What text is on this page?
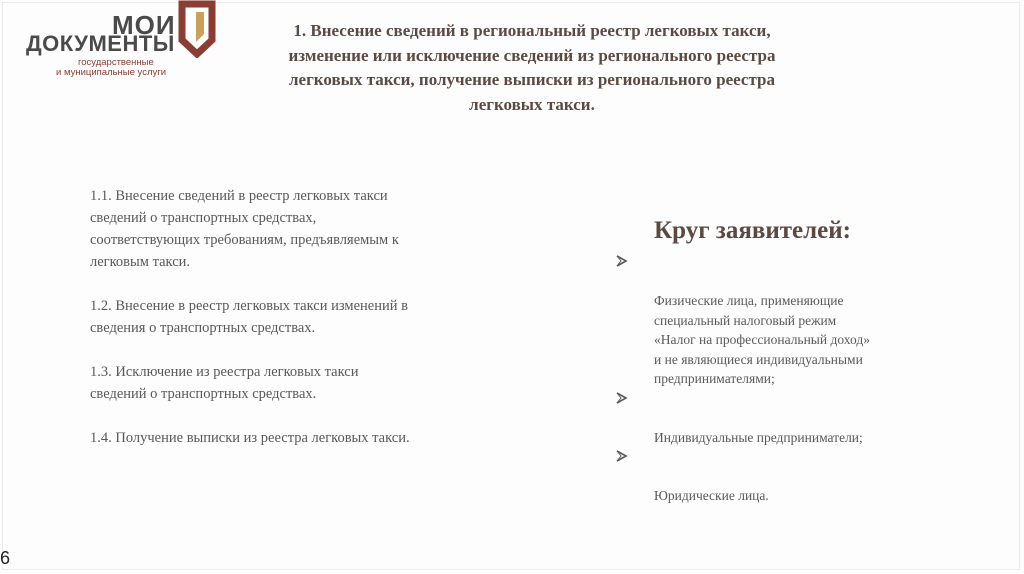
МОИ
ДОКУМЕНТЫ
государственные
и муниципальные услуги
1. Внесение сведений в региональный реестр легковых такси, изменение или исключение сведений из регионального реестра легковых такси, получение выписки из регионального реестра легковых такси.
1.1. Внесение сведений в реестр легковых такси
сведений о транспортных средствах,
соответствующих требованиям, предъявляемым к
легковым такси.
1.2. Внесение в реестр легковых такси изменений в
сведения о транспортных средствах.
1.3. Исключение из реестра легковых такси
сведений о транспортных средствах.
1.4. Получение выписки из реестра легковых такси.
Круг заявителей:

Физические лица, применяющие
специальный налоговый режим
«Налог на профессиональный доход»
и не являющиеся индивидуальными
предпринимателями;

Индивидуальные предприниматели;

Юридические лица.

6
